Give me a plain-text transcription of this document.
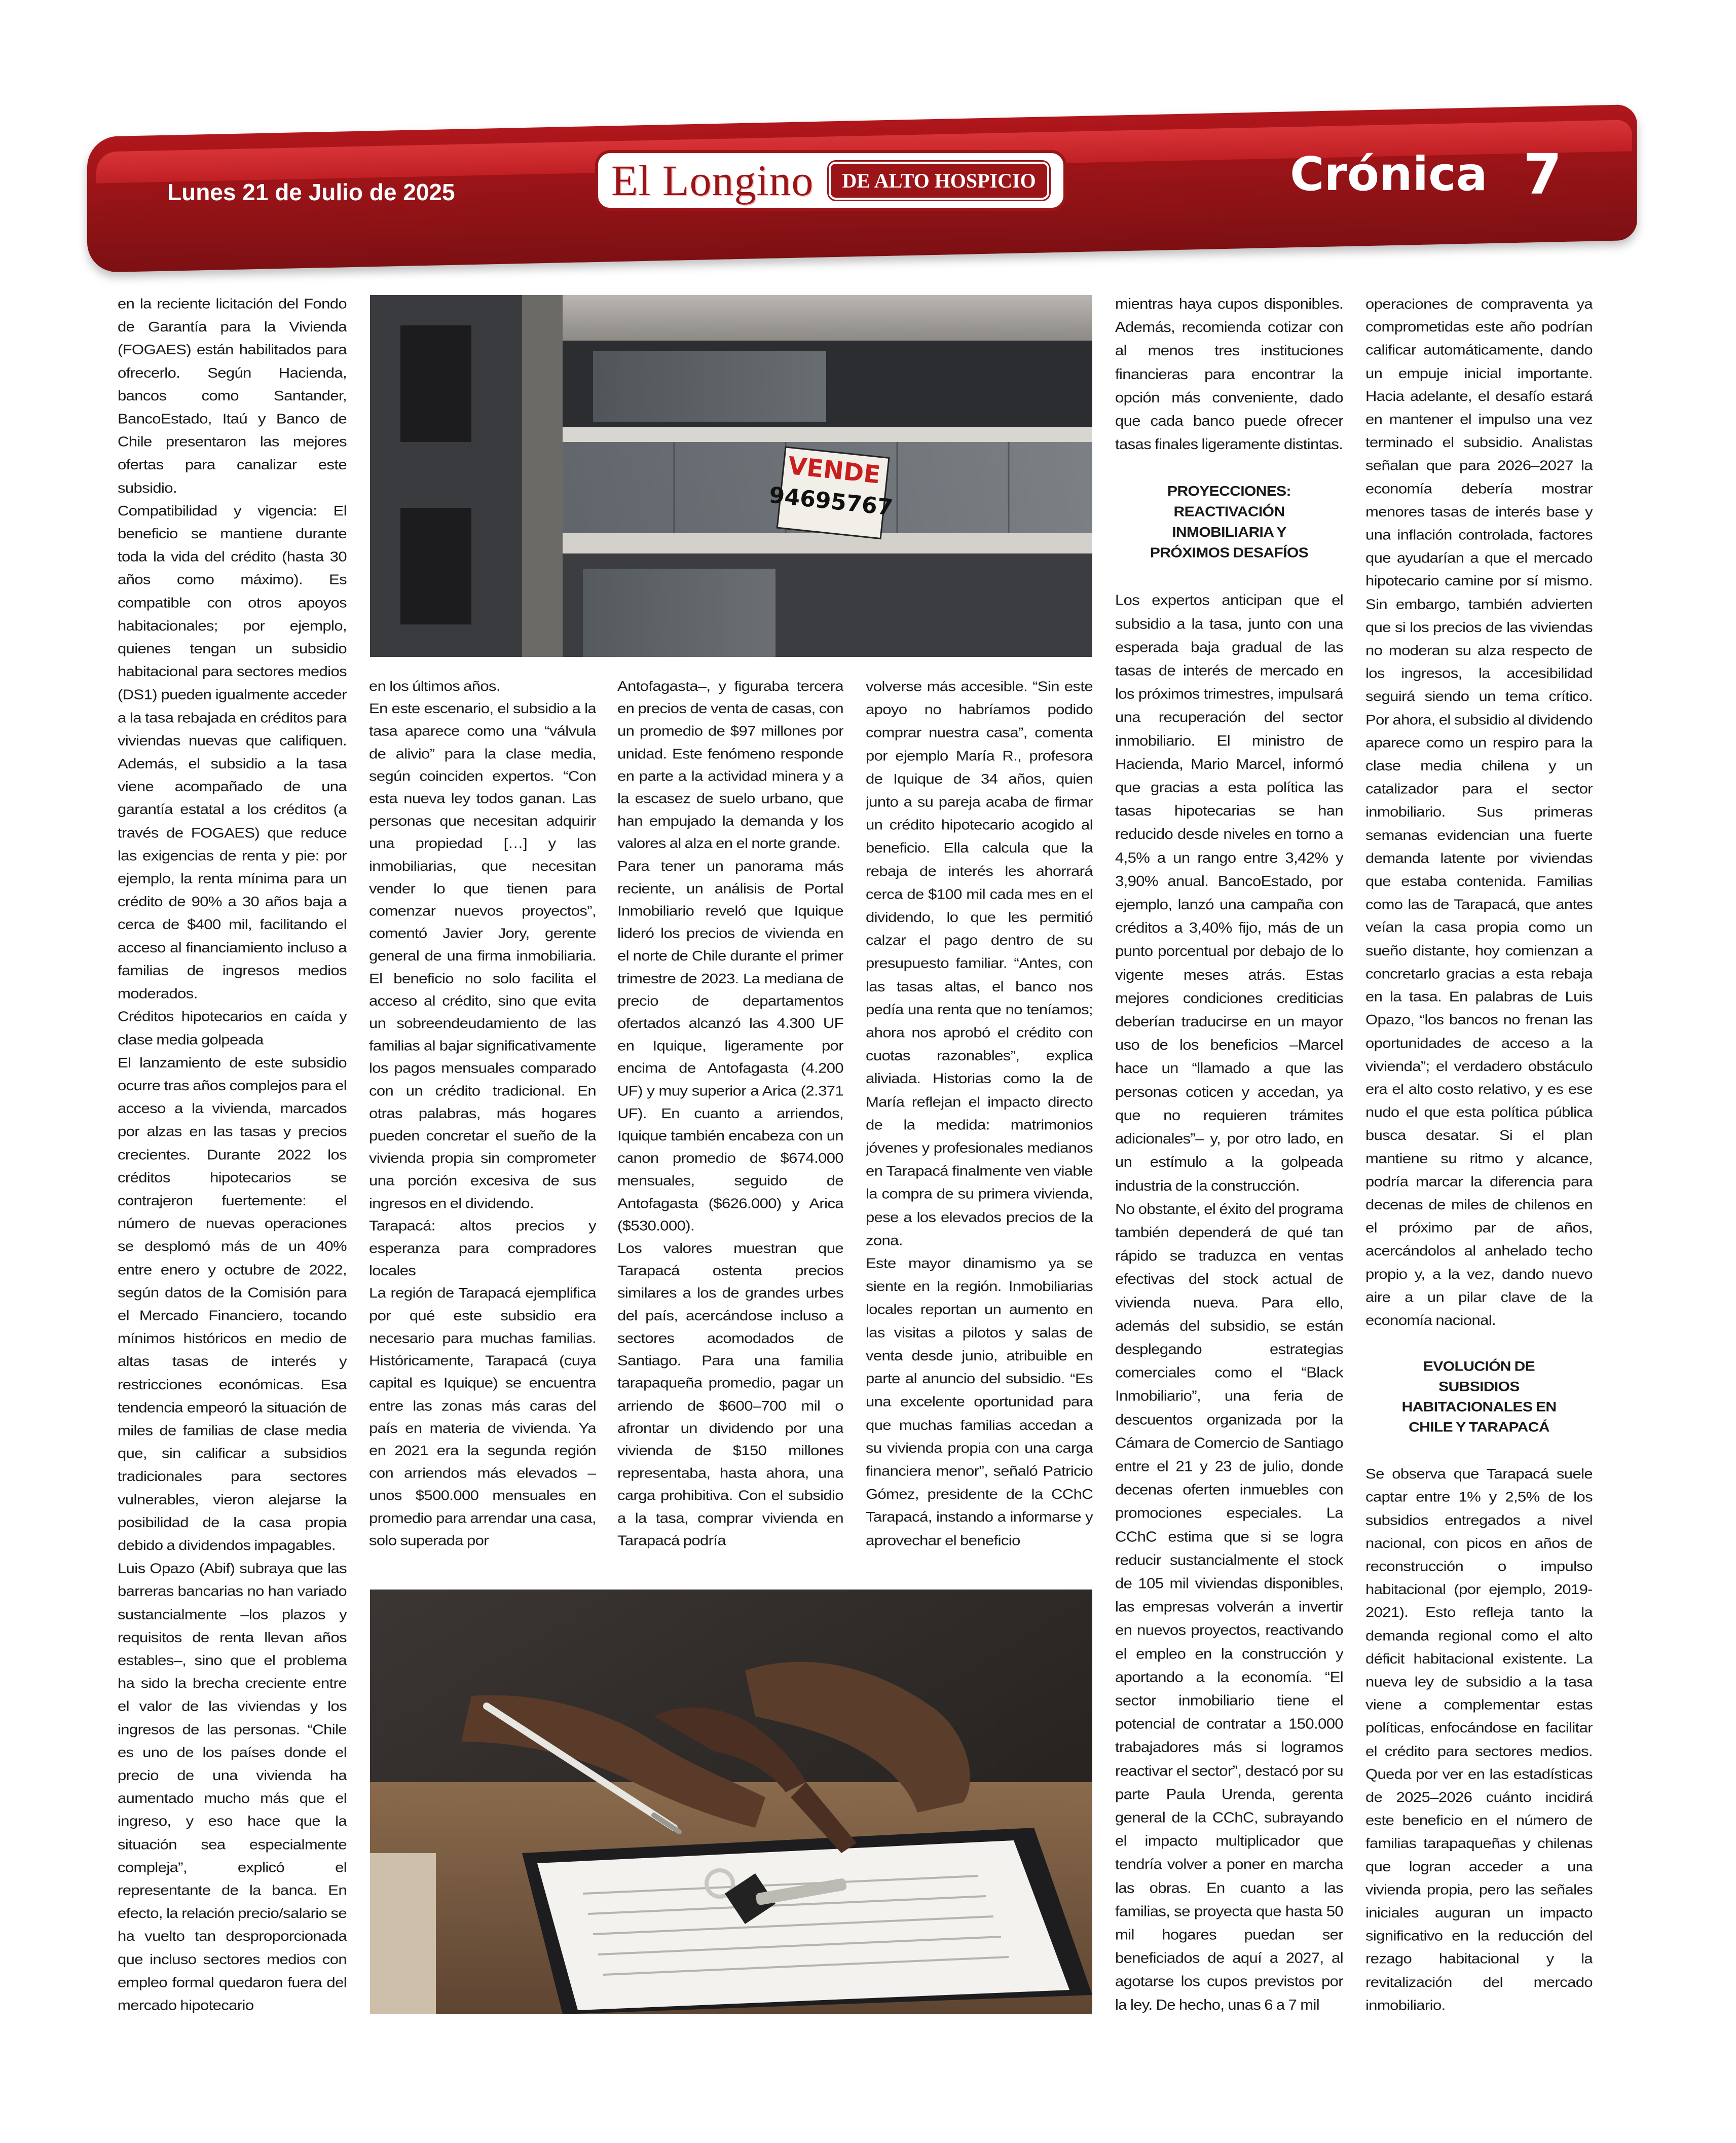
Lunes 21 de Julio de 2025	El Longino	DE ALTO HOSPICIO	Crónica 7

en la reciente licitación del Fondo de Garantía para la Vivienda (FOGAES) están habilitados para ofrecerlo. Según Hacienda, bancos como Santander, BancoEstado, Itaú y Banco de Chile presentaron las mejores ofertas para canalizar este subsidio.

Compatibilidad y vigencia: El beneficio se mantiene durante toda la vida del crédito (hasta 30 años como máximo). Es compatible con otros apoyos habitacionales; por ejemplo, quienes tengan un subsidio habitacional para sectores medios (DS1) pueden igualmente acceder a la tasa rebajada en créditos para viviendas nuevas que califiquen. Además, el subsidio a la tasa viene acompañado de una garantía estatal a los créditos (a través de FOGAES) que reduce las exigencias de renta y pie: por ejemplo, la renta mínima para un crédito de 90% a 30 años baja a cerca de $400 mil, facilitando el acceso al financiamiento incluso a familias de ingresos medios moderados.

Créditos hipotecarios en caída y clase media golpeada

El lanzamiento de este subsidio ocurre tras años complejos para el acceso a la vivienda, marcados por alzas en las tasas y precios crecientes. Durante 2022 los créditos hipotecarios se contrajeron fuertemente: el número de nuevas operaciones se desplomó más de un 40% entre enero y octubre de 2022, según datos de la Comisión para el Mercado Financiero, tocando mínimos históricos en medio de altas tasas de interés y restricciones económicas. Esa tendencia empeoró la situación de miles de familias de clase media que, sin calificar a subsidios tradicionales para sectores vulnerables, vieron alejarse la posibilidad de la casa propia debido a dividendos impagables.

Luis Opazo (Abif) subraya que las barreras bancarias no han variado sustancialmente –los plazos y requisitos de renta llevan años estables–, sino que el problema ha sido la brecha creciente entre el valor de las viviendas y los ingresos de las personas. “Chile es uno de los países donde el precio de una vivienda ha aumentado mucho más que el ingreso, y eso hace que la situación sea especialmente compleja”, explicó el representante de la banca. En efecto, la relación precio/salario se ha vuelto tan desproporcionada que incluso sectores medios con empleo formal quedaron fuera del mercado hipotecario

VENDE
94695767

en los últimos años.

En este escenario, el subsidio a la tasa aparece como una “válvula de alivio” para la clase media, según coinciden expertos. “Con esta nueva ley todos ganan. Las personas que necesitan adquirir una propiedad […] y las inmobiliarias, que necesitan vender lo que tienen para comenzar nuevos proyectos”, comentó Javier Jory, gerente general de una firma inmobiliaria. El beneficio no solo facilita el acceso al crédito, sino que evita un sobreendeudamiento de las familias al bajar significativamente los pagos mensuales comparado con un crédito tradicional. En otras palabras, más hogares pueden concretar el sueño de la vivienda propia sin comprometer una porción excesiva de sus ingresos en el dividendo.

Tarapacá: altos precios y esperanza para compradores locales

La región de Tarapacá ejemplifica por qué este subsidio era necesario para muchas familias. Históricamente, Tarapacá (cuya capital es Iquique) se encuentra entre las zonas más caras del país en materia de vivienda. Ya en 2021 era la segunda región con arriendos más elevados –unos $500.000 mensuales en promedio para arrendar una casa, solo superada por

Antofagasta–, y figuraba tercera en precios de venta de casas, con un promedio de $97 millones por unidad. Este fenómeno responde en parte a la actividad minera y a la escasez de suelo urbano, que han empujado la demanda y los valores al alza en el norte grande.

Para tener un panorama más reciente, un análisis de Portal Inmobiliario reveló que Iquique lideró los precios de vivienda en el norte de Chile durante el primer trimestre de 2023. La mediana de precio de departamentos ofertados alcanzó las 4.300 UF en Iquique, ligeramente por encima de Antofagasta (4.200 UF) y muy superior a Arica (2.371 UF). En cuanto a arriendos, Iquique también encabeza con un canon promedio de $674.000 mensuales, seguido de Antofagasta ($626.000) y Arica ($530.000).

Los valores muestran que Tarapacá ostenta precios similares a los de grandes urbes del país, acercándose incluso a sectores acomodados de Santiago. Para una familia tarapaqueña promedio, pagar un arriendo de $600–700 mil o afrontar un dividendo por una vivienda de $150 millones representaba, hasta ahora, una carga prohibitiva. Con el subsidio a la tasa, comprar vivienda en Tarapacá podría

volverse más accesible. “Sin este apoyo no habríamos podido comprar nuestra casa”, comenta por ejemplo María R., profesora de Iquique de 34 años, quien junto a su pareja acaba de firmar un crédito hipotecario acogido al beneficio. Ella calcula que la rebaja de interés les ahorrará cerca de $100 mil cada mes en el dividendo, lo que les permitió calzar el pago dentro de su presupuesto familiar. “Antes, con las tasas altas, el banco nos pedía una renta que no teníamos; ahora nos aprobó el crédito con cuotas razonables”, explica aliviada. Historias como la de María reflejan el impacto directo de la medida: matrimonios jóvenes y profesionales medianos en Tarapacá finalmente ven viable la compra de su primera vivienda, pese a los elevados precios de la zona.

Este mayor dinamismo ya se siente en la región. Inmobiliarias locales reportan un aumento en las visitas a pilotos y salas de venta desde junio, atribuible en parte al anuncio del subsidio. “Es una excelente oportunidad para que muchas familias accedan a su vivienda propia con una carga financiera menor”, señaló Patricio Gómez, presidente de la CChC Tarapacá, instando a informarse y aprovechar el beneficio

mientras haya cupos disponibles. Además, recomienda cotizar con al menos tres instituciones financieras para encontrar la opción más conveniente, dado que cada banco puede ofrecer tasas finales ligeramente distintas.

PROYECCIONES: REACTIVACIÓN INMOBILIARIA Y PRÓXIMOS DESAFÍOS

Los expertos anticipan que el subsidio a la tasa, junto con una esperada baja gradual de las tasas de interés de mercado en los próximos trimestres, impulsará una recuperación del sector inmobiliario. El ministro de Hacienda, Mario Marcel, informó que gracias a esta política las tasas hipotecarias se han reducido desde niveles en torno a 4,5% a un rango entre 3,42% y 3,90% anual. BancoEstado, por ejemplo, lanzó una campaña con créditos a 3,40% fijo, más de un punto porcentual por debajo de lo vigente meses atrás. Estas mejores condiciones crediticias deberían traducirse en un mayor uso de los beneficios –Marcel hace un “llamado a que las personas coticen y accedan, ya que no requieren trámites adicionales”– y, por otro lado, en un estímulo a la golpeada industria de la construcción.

No obstante, el éxito del programa también dependerá de qué tan rápido se traduzca en ventas efectivas del stock actual de vivienda nueva. Para ello, además del subsidio, se están desplegando estrategias comerciales como el “Black Inmobiliario”, una feria de descuentos organizada por la Cámara de Comercio de Santiago entre el 21 y 23 de julio, donde decenas oferten inmuebles con promociones especiales. La CChC estima que si se logra reducir sustancialmente el stock de 105 mil viviendas disponibles, las empresas volverán a invertir en nuevos proyectos, reactivando el empleo en la construcción y aportando a la economía. “El sector inmobiliario tiene el potencial de contratar a 150.000 trabajadores más si logramos reactivar el sector”, destacó por su parte Paula Urenda, gerenta general de la CChC, subrayando el impacto multiplicador que tendría volver a poner en marcha las obras. En cuanto a las familias, se proyecta que hasta 50 mil hogares puedan ser beneficiados de aquí a 2027, al agotarse los cupos previstos por la ley. De hecho, unas 6 a 7 mil

operaciones de compraventa ya comprometidas este año podrían calificar automáticamente, dando un empuje inicial importante. Hacia adelante, el desafío estará en mantener el impulso una vez terminado el subsidio. Analistas señalan que para 2026–2027 la economía debería mostrar menores tasas de interés base y una inflación controlada, factores que ayudarían a que el mercado hipotecario camine por sí mismo. Sin embargo, también advierten que si los precios de las viviendas no moderan su alza respecto de los ingresos, la accesibilidad seguirá siendo un tema crítico. Por ahora, el subsidio al dividendo aparece como un respiro para la clase media chilena y un catalizador para el sector inmobiliario. Sus primeras semanas evidencian una fuerte demanda latente por viviendas que estaba contenida. Familias como las de Tarapacá, que antes veían la casa propia como un sueño distante, hoy comienzan a concretarlo gracias a esta rebaja en la tasa. En palabras de Luis Opazo, “los bancos no frenan las oportunidades de acceso a la vivienda”; el verdadero obstáculo era el alto costo relativo, y es ese nudo el que esta política pública busca desatar. Si el plan mantiene su ritmo y alcance, podría marcar la diferencia para decenas de miles de chilenos en el próximo par de años, acercándolos al anhelado techo propio y, a la vez, dando nuevo aire a un pilar clave de la economía nacional.

EVOLUCIÓN DE SUBSIDIOS HABITACIONALES EN CHILE Y TARAPACÁ

Se observa que Tarapacá suele captar entre 1% y 2,5% de los subsidios entregados a nivel nacional, con picos en años de reconstrucción o impulso habitacional (por ejemplo, 2019-2021). Esto refleja tanto la demanda regional como el alto déficit habitacional existente. La nueva ley de subsidio a la tasa viene a complementar estas políticas, enfocándose en facilitar el crédito para sectores medios. Queda por ver en las estadísticas de 2025–2026 cuánto incidirá este beneficio en el número de familias tarapaqueñas y chilenas que logran acceder a una vivienda propia, pero las señales iniciales auguran un impacto significativo en la reducción del rezago habitacional y la revitalización del mercado inmobiliario.
